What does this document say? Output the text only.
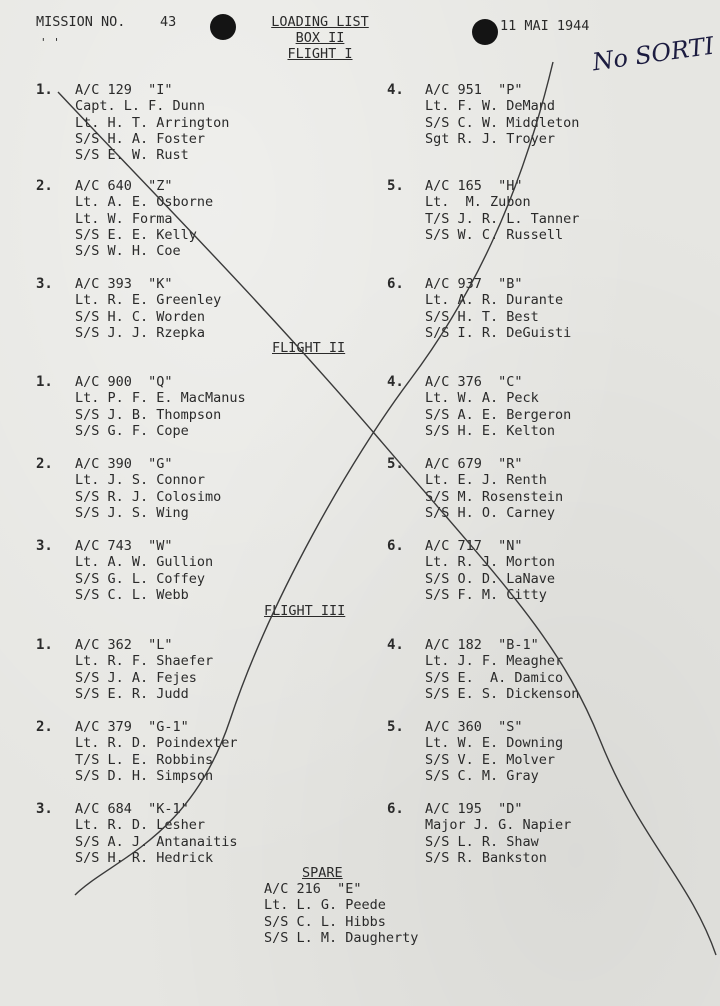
MISSION NO.	43
' '
LOADING LIST
BOX II
FLIGHT I
11 MAI 1944
No SORTI
1. A/C 129  "I"
Capt. L. F. Dunn
Lt. H. T. Arrington
S/S H. A. Foster
S/S E. W. Rust
2. A/C 640  "Z"
Lt. A. E. Osborne
Lt. W. Forma
S/S E. E. Kelly
S/S W. H. Coe
3. A/C 393  "K"
Lt. R. E. Greenley
S/S H. C. Worden
S/S J. J. Rzepka
4. A/C 951  "P"
Lt. F. W. DeMand
S/S C. W. Middleton
Sgt R. J. Troyer
5. A/C 165  "H"
Lt.  M. Zubon
T/S J. R. L. Tanner
S/S W. C. Russell
6. A/C 937  "B"
Lt. A. R. Durante
S/S H. T. Best
S/S I. R. DeGuisti
FLIGHT II
1. A/C 900  "Q"
Lt. P. F. E. MacManus
S/S J. B. Thompson
S/S G. F. Cope
2. A/C 390  "G"
Lt. J. S. Connor
S/S R. J. Colosimo
S/S J. S. Wing
3. A/C 743  "W"
Lt. A. W. Gullion
S/S G. L. Coffey
S/S C. L. Webb
4. A/C 376  "C"
Lt. W. A. Peck
S/S A. E. Bergeron
S/S H. E. Kelton
5. A/C 679  "R"
Lt. E. J. Renth
S/S M. Rosenstein
S/S H. O. Carney
6. A/C 717  "N"
Lt. R. J. Morton
S/S O. D. LaNave
S/S F. M. Citty
FLIGHT III
1. A/C 362  "L"
Lt. R. F. Shaefer
S/S J. A. Fejes
S/S E. R. Judd
2. A/C 379  "G-1"
Lt. R. D. Poindexter
T/S L. E. Robbins
S/S D. H. Simpson
3. A/C 684  "K-1"
Lt. R. D. Lesher
S/S A. J. Antanaitis
S/S H. R. Hedrick
4. A/C 182  "B-1"
Lt. J. F. Meagher
S/S E.  A. Damico
S/S E. S. Dickenson
5. A/C 360  "S"
Lt. W. E. Downing
S/S V. E. Molver
S/S C. M. Gray
6. A/C 195  "D"
Major J. G. Napier
S/S L. R. Shaw
S/S R. Bankston
SPARE
A/C 216  "E"
Lt. L. G. Peede
S/S C. L. Hibbs
S/S L. M. Daugherty
